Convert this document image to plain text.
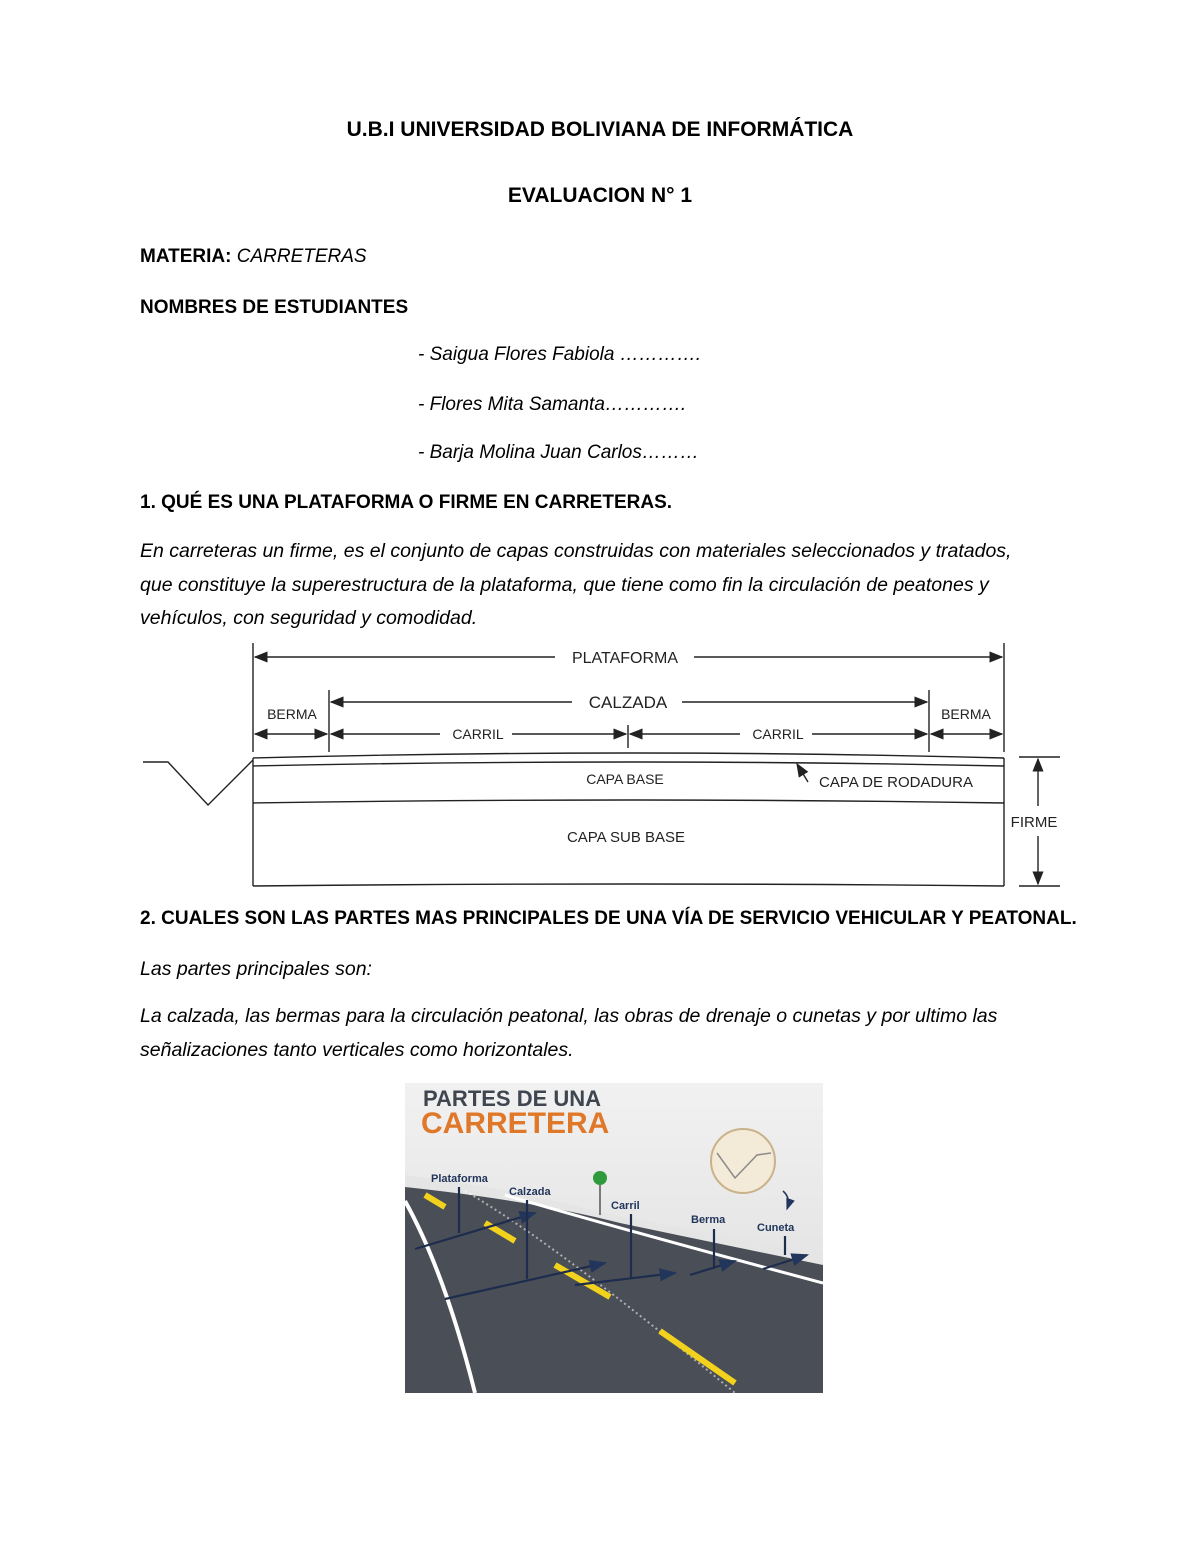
U.B.I UNIVERSIDAD BOLIVIANA DE INFORMÁTICA
EVALUACION N° 1
MATERIA: CARRETERAS
NOMBRES DE ESTUDIANTES
- Saigua Flores Fabiola ………….
- Flores Mita Samanta………….
- Barja Molina Juan Carlos………
1. QUÉ ES UNA PLATAFORMA O FIRME EN CARRETERAS.
En carreteras un firme, es el conjunto de capas construidas con materiales seleccionados y tratados,
que constituye la superestructura de la plataforma, que tiene como fin la circulación de peatones y
vehículos, con seguridad y comodidad.
PLATAFORMA
CALZADA
BERMA	BERMA
CARRIL	CARRIL
CAPA BASE	CAPA DE RODADURA
CAPA SUB BASE
FIRME
2. CUALES SON LAS PARTES MAS PRINCIPALES DE UNA VÍA DE SERVICIO VEHICULAR Y PEATONAL.
Las partes principales son:
La calzada, las bermas para la circulación peatonal, las obras de drenaje o cunetas y por ultimo las
señalizaciones tanto verticales como horizontales.
PARTES DE UNA
CARRETERA
Plataforma
Calzada
Carril
Berma
Cuneta
